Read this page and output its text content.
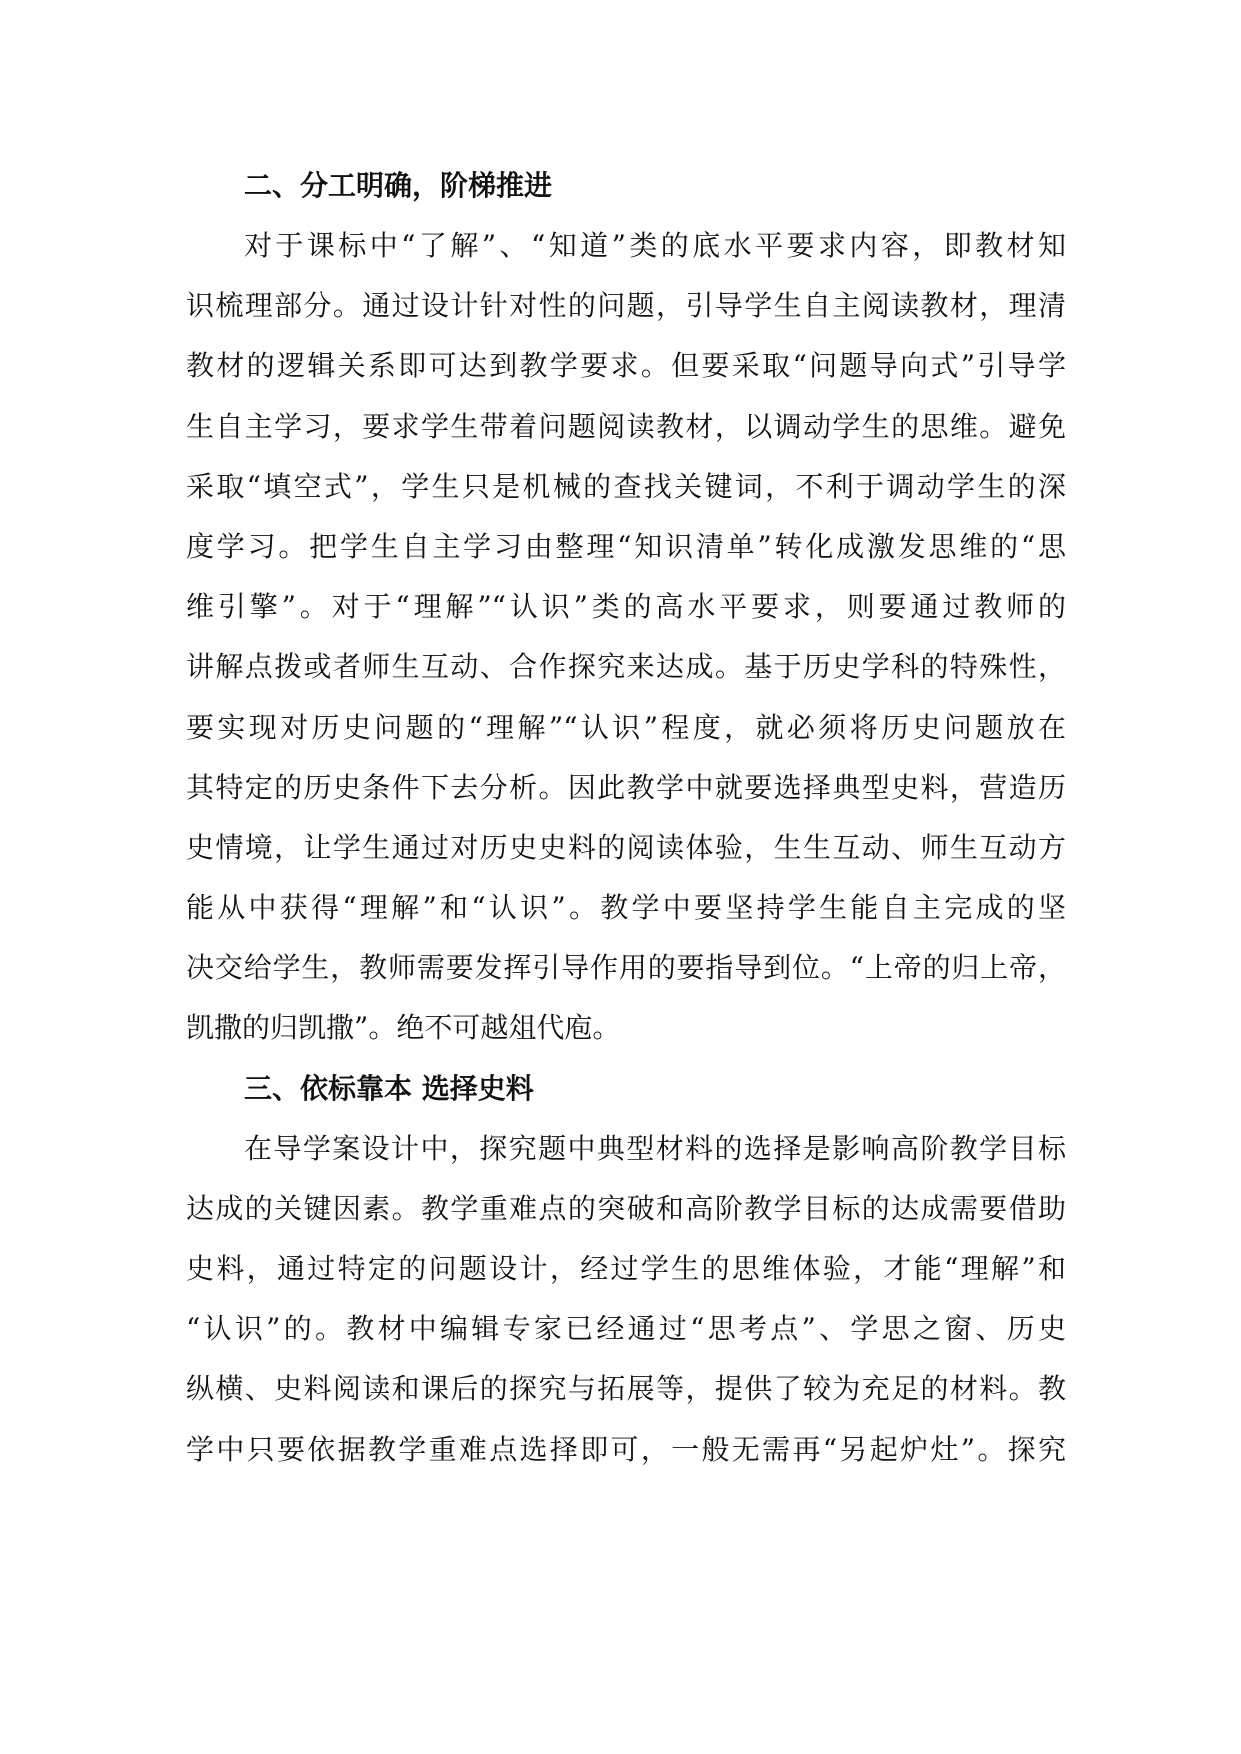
二、分工明确，阶梯推进
对于课标中“了解”、“知道”类的底水平要求内容，即教材知
识梳理部分。通过设计针对性的问题，引导学生自主阅读教材，理清
教材的逻辑关系即可达到教学要求。但要采取“问题导向式”引导学
生自主学习，要求学生带着问题阅读教材，以调动学生的思维。避免
采取“填空式”，学生只是机械的查找关键词，不利于调动学生的深
度学习。把学生自主学习由整理“知识清单”转化成激发思维的“思
维引擎”。对于“理解”“认识”类的高水平要求，则要通过教师的
讲解点拨或者师生互动、合作探究来达成。基于历史学科的特殊性，
要实现对历史问题的“理解”“认识”程度，就必须将历史问题放在
其特定的历史条件下去分析。因此教学中就要选择典型史料，营造历
史情境，让学生通过对历史史料的阅读体验，生生互动、师生互动方
能从中获得“理解”和“认识”。教学中要坚持学生能自主完成的坚
决交给学生，教师需要发挥引导作用的要指导到位。“上帝的归上帝，
凯撒的归凯撒”。绝不可越俎代庖。
三、依标靠本 选择史料
在导学案设计中，探究题中典型材料的选择是影响高阶教学目标
达成的关键因素。教学重难点的突破和高阶教学目标的达成需要借助
史料，通过特定的问题设计，经过学生的思维体验，才能“理解”和
“认识”的。教材中编辑专家已经通过“思考点”、学思之窗、历史
纵横、史料阅读和课后的探究与拓展等，提供了较为充足的材料。教
学中只要依据教学重难点选择即可，一般无需再“另起炉灶”。探究
